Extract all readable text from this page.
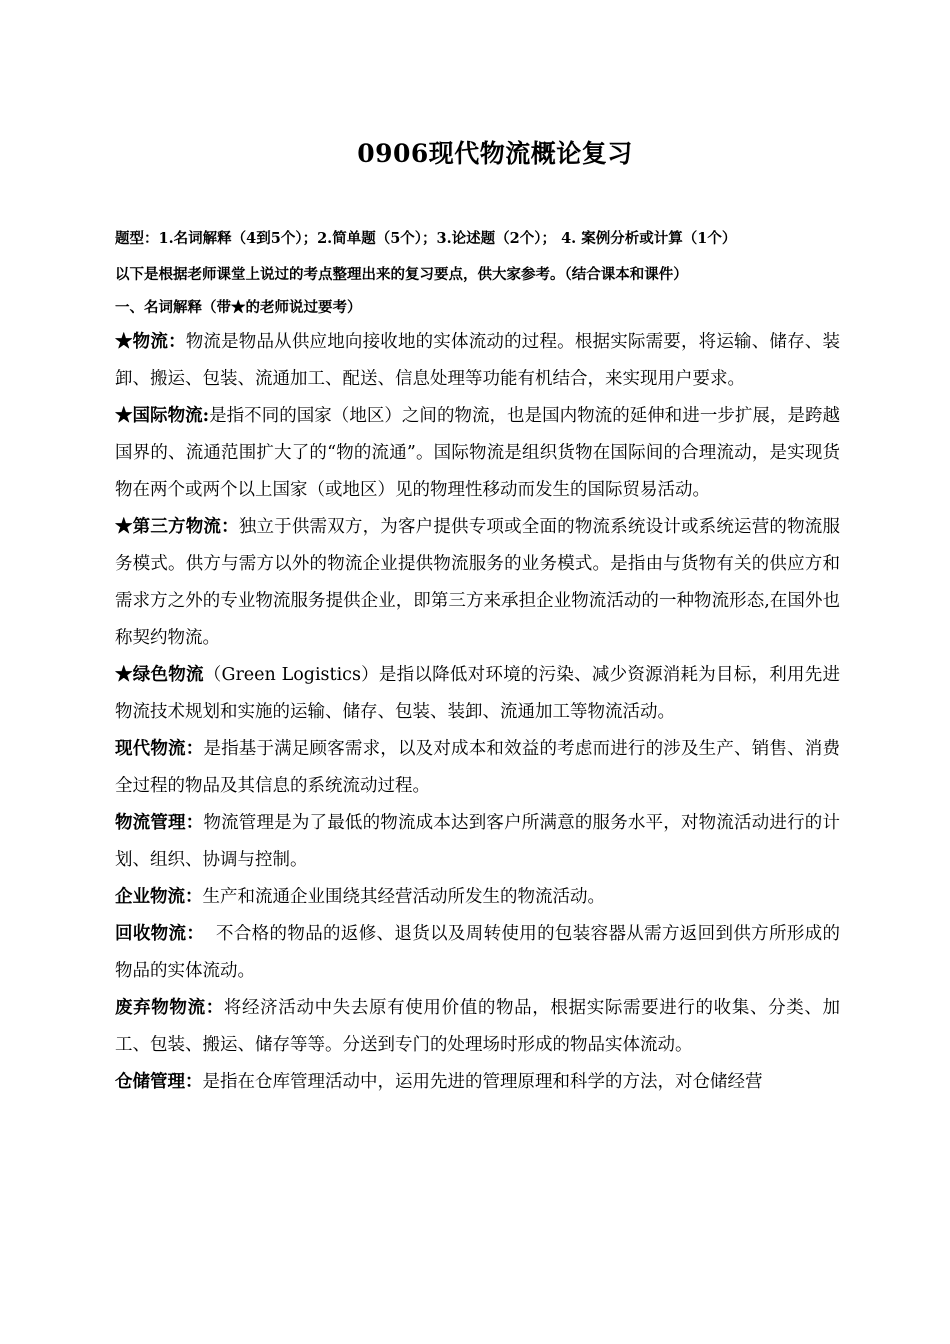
0906现代物流概论复习
题型：1.名词解释（4到5个）；2.简单题（5个）；3.论述题（2个）； 4. 案例分析或计算（1个）
以下是根据老师课堂上说过的考点整理出来的复习要点，供大家参考。（结合课本和课件）
一、名词解释（带★的老师说过要考）
★物流：物流是物品从供应地向接收地的实体流动的过程。根据实际需要，将运输、储存、装卸、搬运、包装、流通加工、配送、信息处理等功能有机结合，来实现用户要求。
★国际物流:是指不同的国家（地区）之间的物流，也是国内物流的延伸和进一步扩展，是跨越国界的、流通范围扩大了的“物的流通”。国际物流是组织货物在国际间的合理流动，是实现货物在两个或两个以上国家（或地区）见的物理性移动而发生的国际贸易活动。
★第三方物流：独立于供需双方，为客户提供专项或全面的物流系统设计或系统运营的物流服务模式。供方与需方以外的物流企业提供物流服务的业务模式。是指由与货物有关的供应方和需求方之外的专业物流服务提供企业，即第三方来承担企业物流活动的一种物流形态,在国外也称契约物流。
★绿色物流（Green Logistics）是指以降低对环境的污染、减少资源消耗为目标，利用先进物流技术规划和实施的运输、储存、包装、装卸、流通加工等物流活动。
现代物流：是指基于满足顾客需求，以及对成本和效益的考虑而进行的涉及生产、销售、消费全过程的物品及其信息的系统流动过程。
物流管理：物流管理是为了最低的物流成本达到客户所满意的服务水平，对物流活动进行的计划、组织、协调与控制。
企业物流：生产和流通企业围绕其经营活动所发生的物流活动。
回收物流：  不合格的物品的返修、退货以及周转使用的包装容器从需方返回到供方所形成的物品的实体流动。
废弃物物流：将经济活动中失去原有使用价值的物品，根据实际需要进行的收集、分类、加工、包装、搬运、储存等等。分送到专门的处理场时形成的物品实体流动。
仓储管理：是指在仓库管理活动中，运用先进的管理原理和科学的方法，对仓储经营
